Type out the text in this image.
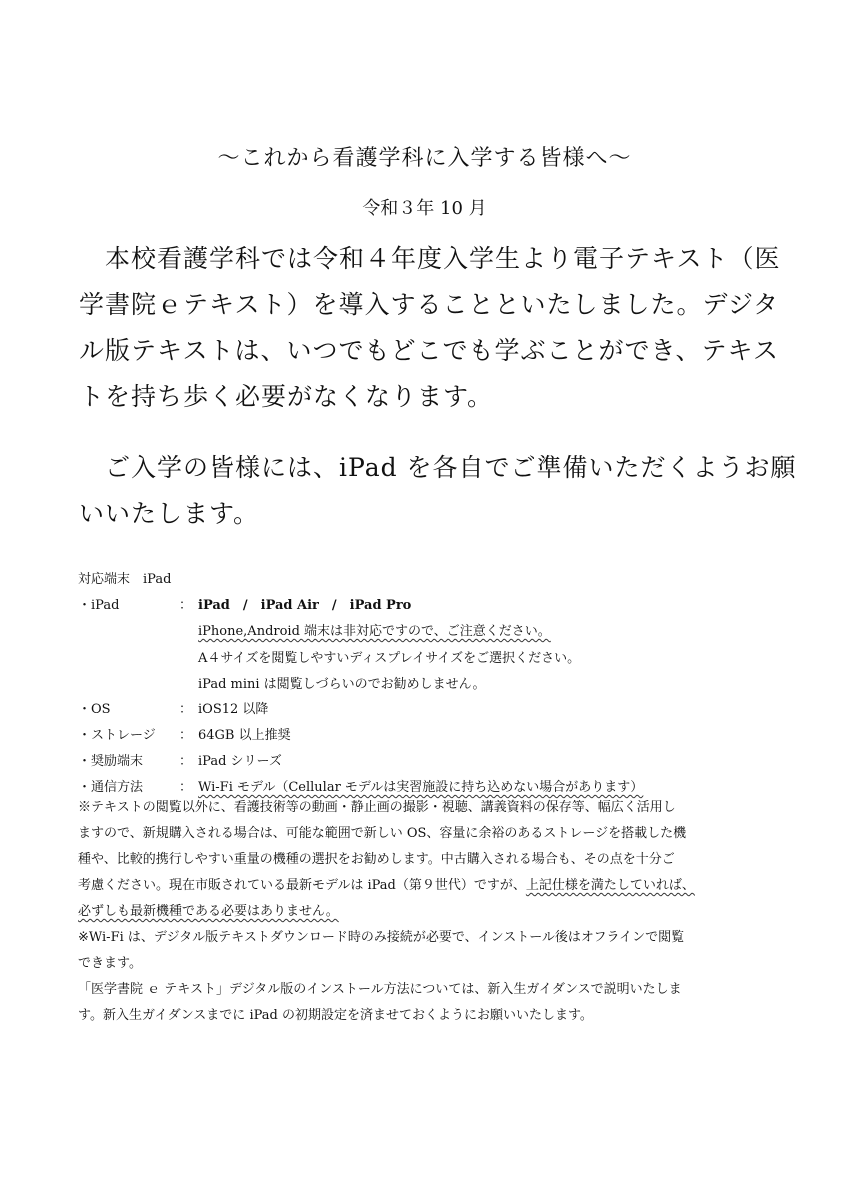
～これから看護学科に入学する皆様へ～
令和３年 10 月

本校看護学科では令和４年度入学生より電子テキスト（医
学書院ｅテキスト）を導入することといたしました。デジタ
ル版テキストは、いつでもどこでも学ぶことができ、テキス
トを持ち歩く必要がなくなります。

ご入学の皆様には、iPad を各自でご準備いただくようお願
いいたします。

対応端末　iPad
・iPad	： iPad　/　iPad Air　/　iPad Pro
iPhone,Android 端末は非対応ですので、ご注意ください。
A４サイズを閲覧しやすいディスプレイサイズをご選択ください。
iPad mini は閲覧しづらいのでお勧めしません。
・OS	： iOS12 以降
・ストレージ ： 64GB 以上推奨
・奨励端末	： iPad シリーズ
・通信方法	： Wi-Fi モデル（Cellular モデルは実習施設に持ち込めない場合があります）
※テキストの閲覧以外に、看護技術等の動画・静止画の撮影・視聴、講義資料の保存等、幅広く活用し
ますので、新規購入される場合は、可能な範囲で新しい OS、容量に余裕のあるストレージを搭載した機
種や、比較的携行しやすい重量の機種の選択をお勧めします。中古購入される場合も、その点を十分ご
考慮ください。現在市販されている最新モデルは iPad（第９世代）ですが、上記仕様を満たしていれば、
必ずしも最新機種である必要はありません。
※Wi-Fi は、デジタル版テキストダウンロード時のみ接続が必要で、インストール後はオフラインで閲覧
できます。
「医学書院 ｅ テキスト」デジタル版のインストール方法については、新入生ガイダンスで説明いたしま
す。新入生ガイダンスまでに iPad の初期設定を済ませておくようにお願いいたします。
